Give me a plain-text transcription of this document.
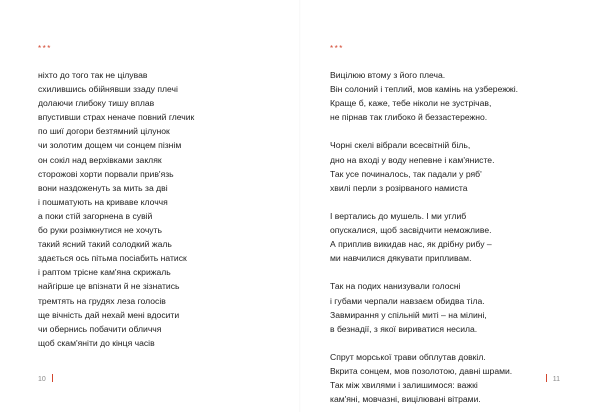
***
ніхто до того так не цілував
схилившись обійнявши ззаду плечі
долаючи глибоку тишу вплав
впустивши страх неначе повний глечик
по шиї догори безтямний цілунок
чи золотим дощем чи сонцем пізнім
он сокіл над верхівками закляк
сторожові хорти порвали прив'язь
вони наздоженуть за мить за дві
і пошматують на криваве клоччя
а поки стій загорнена в сувій
бо руки розімкнутися не хочуть
такий ясний такий солодкий жаль
здається ось пітьма посіабить натиск
і раптом трісне кам'яна скрижаль
найгірше це впізнати й не зізнатись
тремтять на грудях леза голосів
ще вічність дай нехай мені вдосити
чи обернись побачити обличчя
щоб скам'яніти до кінця часів
10
***
Вицілюю втому з його плеча.
Він солоний і теплий, мов камінь на узбережжі.
Краще б, каже, тебе ніколи не зустрічав,
не пірнав так глибоко й беззастережно.
Чорні скелі вібрали всесвітній біль,
дно на вході у воду непевне і кам'янисте.
Так усе починалось, так падали у ряб'
хвилі перли з розірваного намиста
І вертались до мушель. І ми углиб
опускалися, щоб засвідчити неможливе.
А приплив викидав нас, як дрібну рибу –
ми навчилися дякувати припливам.
Так на подих нанизували голосні
і губами черпали навзаєм обидва тіла.
Завмирання у спільній миті – на мілині,
в безнадії, з якої вириватися несила.
Спрут морської трави обплутав довкіл.
Вкрита сонцем, мов позолотою, давні шрами.
Так між хвилями і залишимося: важкі
кам'яні, мовчазні, вицілювані вітрами.
11
